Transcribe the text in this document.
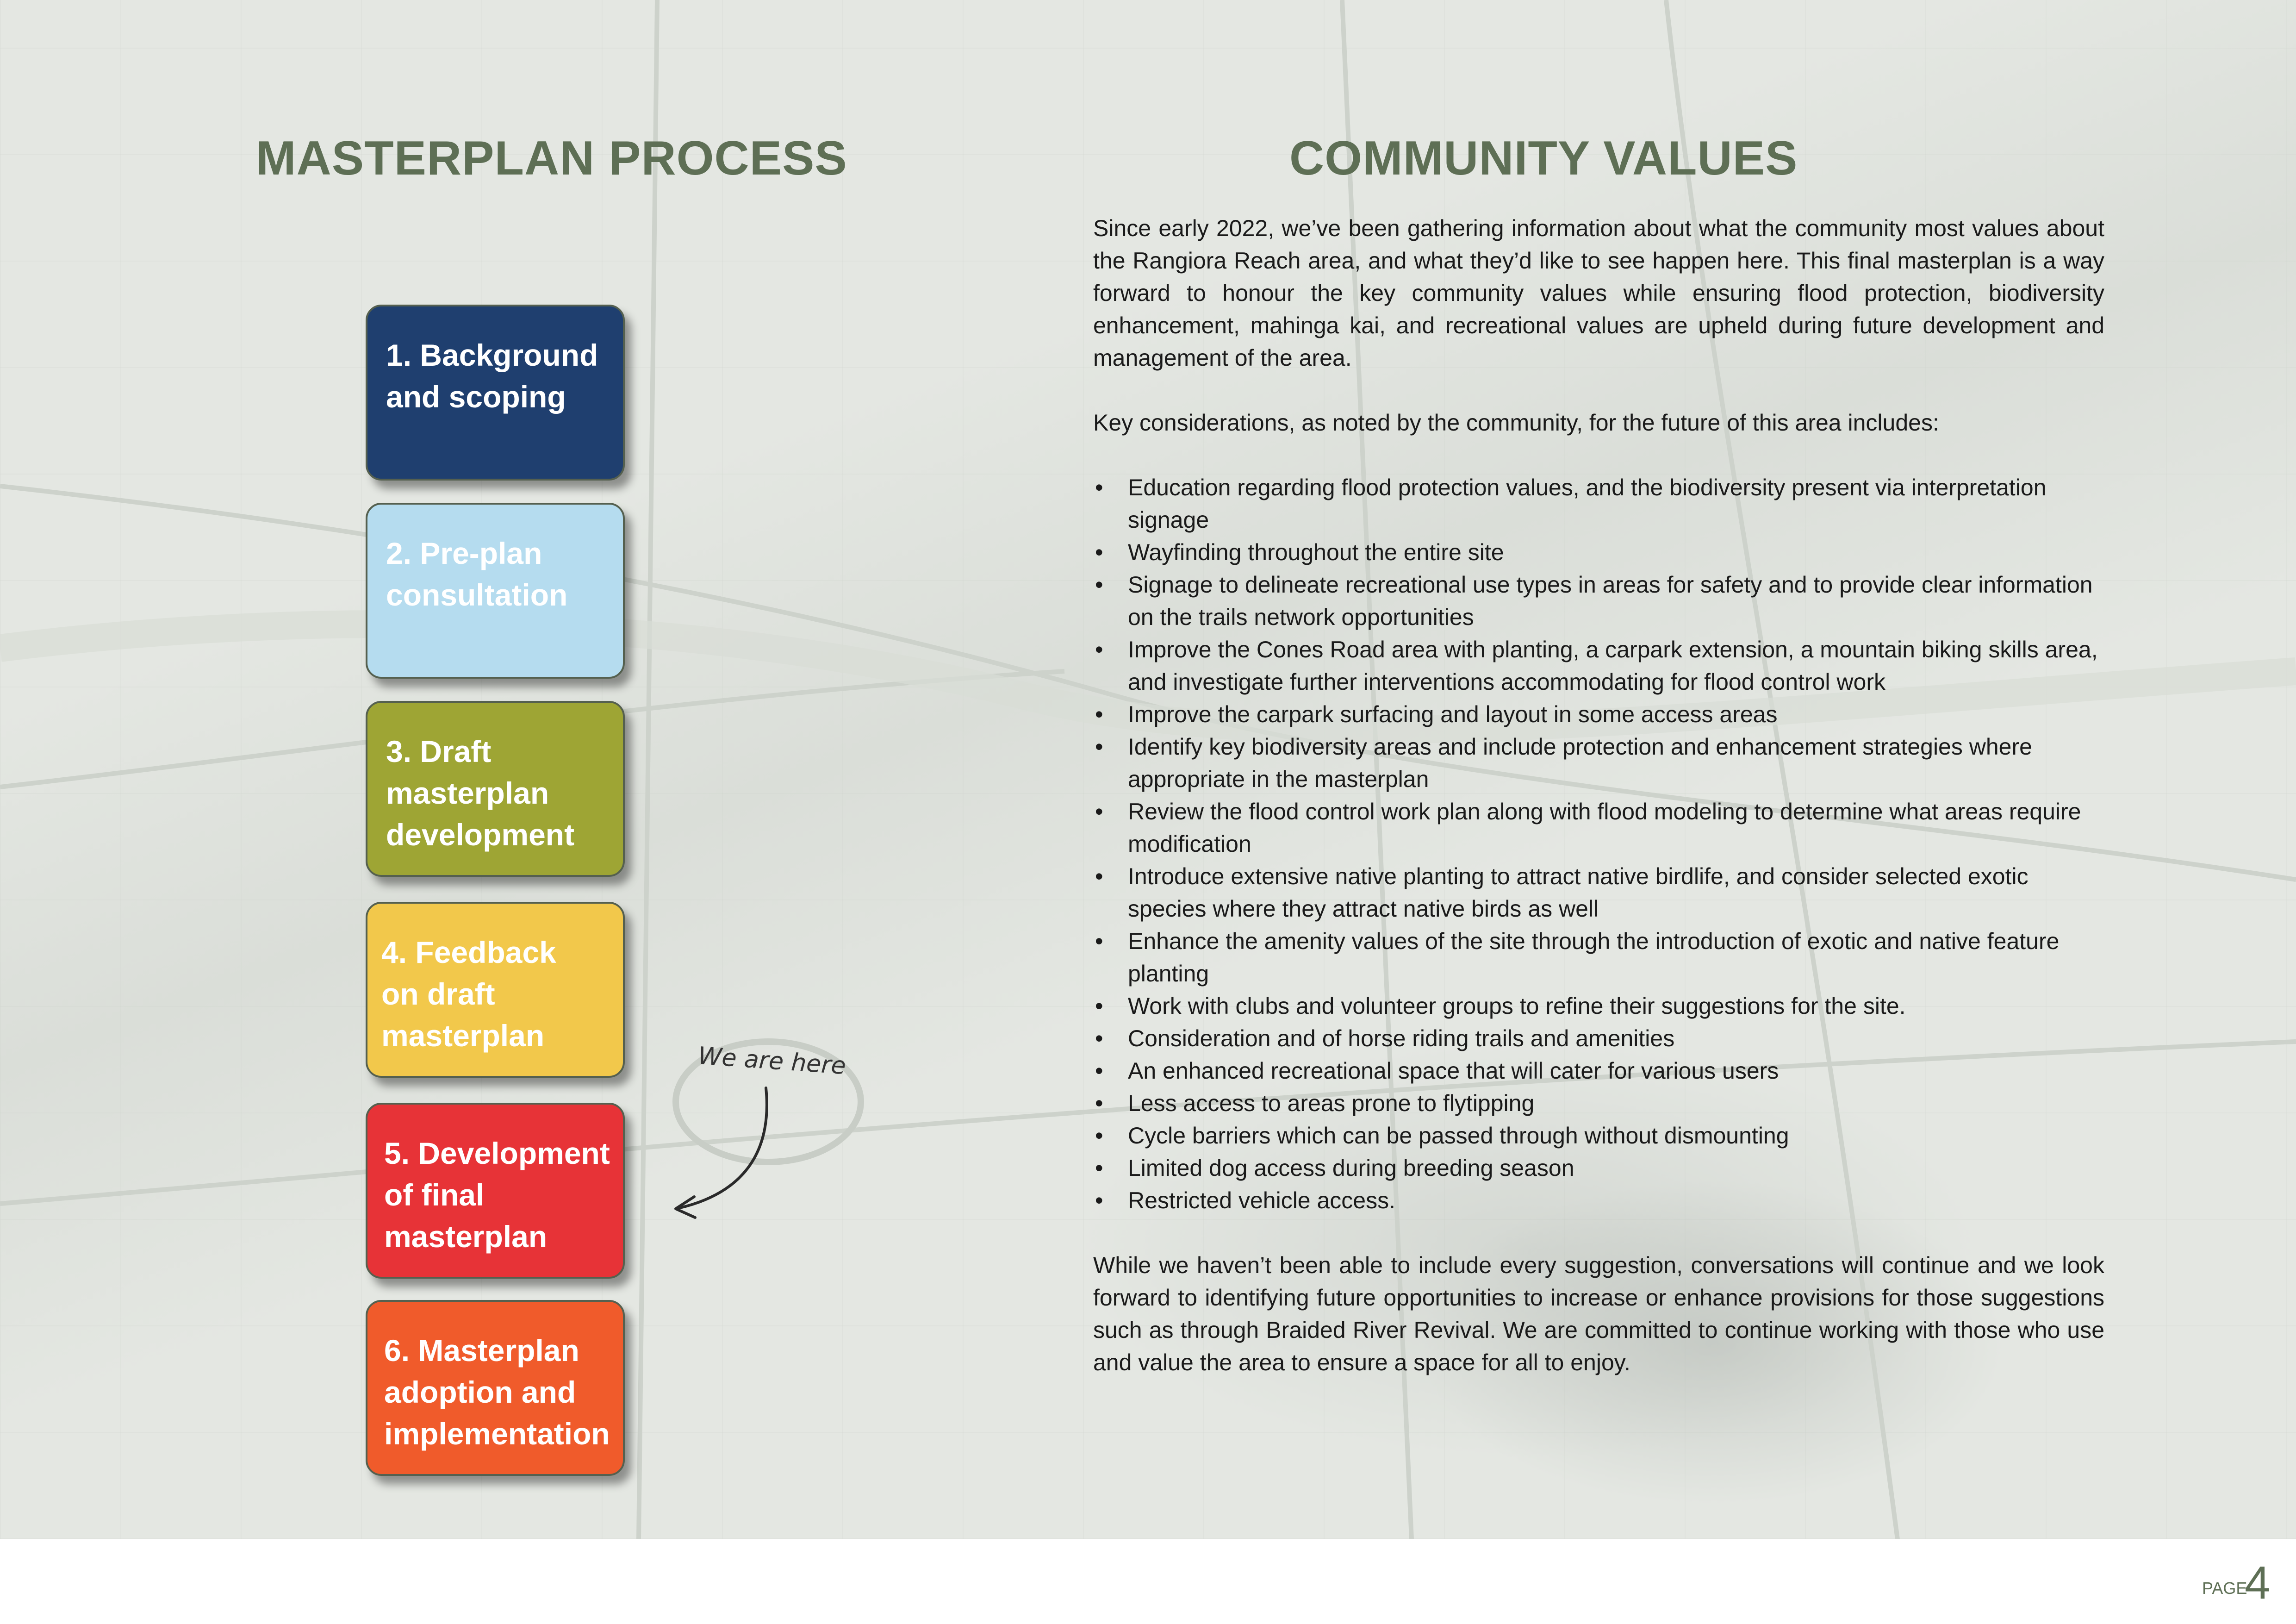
MASTERPLAN PROCESS	COMMUNITY VALUES
1. Background
and scoping
2. Pre-plan
consultation
3. Draft
masterplan
development
4. Feedback
on draft
masterplan
5. Development
of final
masterplan
6. Masterplan
adoption and
implementation

We are here

Since early 2022, we’ve been gathering information about what the community most values about the Rangiora Reach area, and what they’d like to see happen here. This final masterplan is a way forward to honour the key community values while ensuring flood protection, biodiversity enhancement, mahinga kai, and recreational values are upheld during future development and management of the area.

Key considerations, as noted by the community, for the future of this area includes:

• Education regarding flood protection values, and the biodiversity present via interpretation signage
• Wayfinding throughout the entire site
• Signage to delineate recreational use types in areas for safety and to provide clear information on the trails network opportunities
• Improve the Cones Road area with planting, a carpark extension, a mountain biking skills area, and investigate further interventions accommodating for flood control work
• Improve the carpark surfacing and layout in some access areas
• Identify key biodiversity areas and include protection and enhancement strategies where appropriate in the masterplan
• Review the flood control work plan along with flood modeling to determine what areas require modification
• Introduce extensive native planting to attract native birdlife, and consider selected exotic species where they attract native birds as well
• Enhance the amenity values of the site through the introduction of exotic and native feature planting
• Work with clubs and volunteer groups to refine their suggestions for the site.
• Consideration and of horse riding trails and amenities
• An enhanced recreational space that will cater for various users
• Less access to areas prone to flytipping
• Cycle barriers which can be passed through without dismounting
• Limited dog access during breeding season
• Restricted vehicle access.

While we haven’t been able to include every suggestion, conversations will continue and we look forward to identifying future opportunities to increase or enhance provisions for those suggestions such as through Braided River Revival. We are committed to continue working with those who use and value the area to ensure a space for all to enjoy.

PAGE
4
